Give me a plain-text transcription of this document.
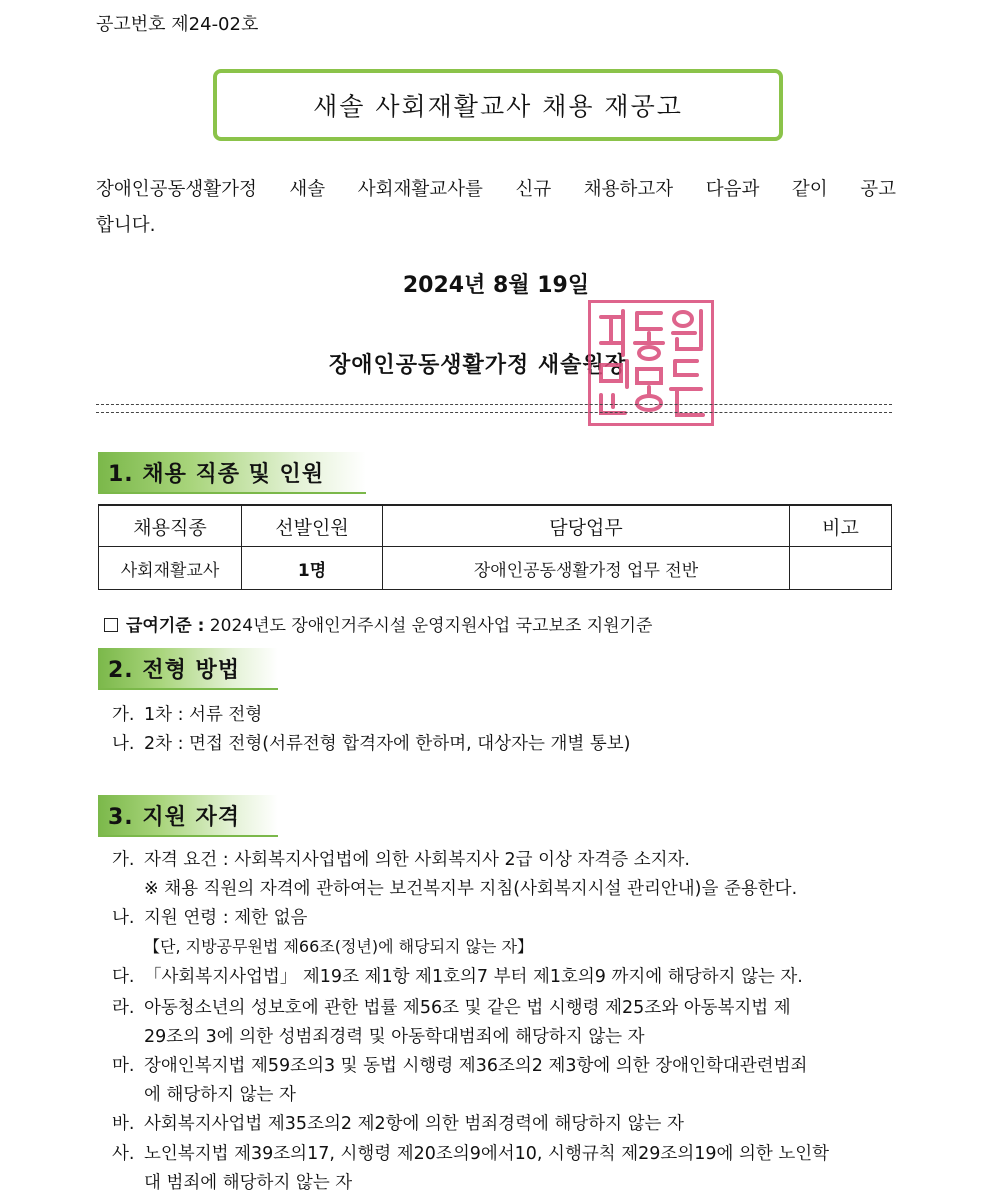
공고번호 제24-02호
새솔 사회재활교사 채용 재공고
장애인공동생활가정 새솔 사회재활교사를 신규 채용하고자 다음과 같이 공고
합니다.
2024년 8월 19일
장애인공동생활가정 새솔원장
1. 채용 직종 및 인원
채용직종	선발인원	담당업무	비고
사회재활교사	1명	장애인공동생활가정 업무 전반	
급여기준 : 2024년도 장애인거주시설 운영지원사업 국고보조 지원기준
2. 전형 방법
가. 1차 : 서류 전형
나. 2차 : 면접 전형(서류전형 합격자에 한하며, 대상자는 개별 통보)
3. 지원 자격
가. 자격 요건 : 사회복지사업법에 의한 사회복지사 2급 이상 자격증 소지자.
※ 채용 직원의 자격에 관하여는 보건복지부 지침(사회복지시설 관리안내)을 준용한다.
나. 지원 연령 : 제한 없음
【단, 지방공무원법 제66조(정년)에 해당되지 않는 자】
다. 「사회복지사업법」 제19조 제1항 제1호의7 부터 제1호의9 까지에 해당하지 않는 자.
라. 아동청소년의 성보호에 관한 법률 제56조 및 같은 법 시행령 제25조와 아동복지법 제
29조의 3에 의한 성범죄경력 및 아동학대범죄에 해당하지 않는 자
마. 장애인복지법 제59조의3 및 동법 시행령 제36조의2 제3항에 의한 장애인학대관련범죄
에 해당하지 않는 자
바. 사회복지사업법 제35조의2 제2항에 의한 범죄경력에 해당하지 않는 자
사. 노인복지법 제39조의17, 시행령 제20조의9에서10, 시행규칙 제29조의19에 의한 노인학
대 범죄에 해당하지 않는 자
